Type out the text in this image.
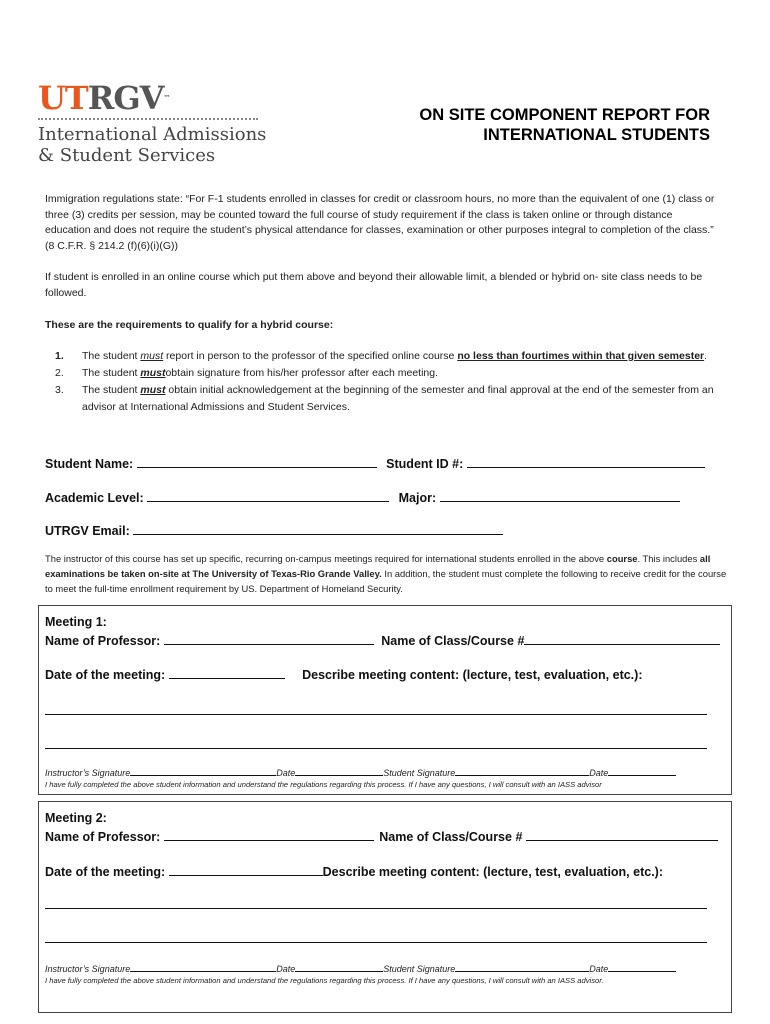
UTRGV™
International Admissions
& Student Services
ON SITE COMPONENT REPORT FOR
INTERNATIONAL STUDENTS
Immigration regulations state: “For F-1 students enrolled in classes for credit or classroom hours, no more than the equivalent of one (1) class or three (3) credits per session, may be counted toward the full course of study requirement if the class is taken online or through distance education and does not require the student’s physical attendance for classes, examination or other purposes integral to completion of the class.” (8 C.F.R. § 214.2 (f)(6)(i)(G))
If student is enrolled in an online course which put them above and beyond their allowable limit, a blended or hybrid on- site class needs to be followed.
These are the requirements to qualify for a hybrid course:
1.	The student must report in person to the professor of the specified online course no less than fourtimes within that given semester.
2.	The student mustobtain signature from his/her professor after each meeting.
3.	The student must obtain initial acknowledgement at the beginning of the semester and final approval at the end of the semester from an advisor at International Admissions and Student Services.
Student Name:	Student ID #:
Academic Level:	Major:
UTRGV Email:
The instructor of this course has set up specific, recurring on-campus meetings required for international students enrolled in the above course. This includes all examinations be taken on-site at The University of Texas-Rio Grande Valley. In addition, the student must complete the following to receive credit for the course to meet the full-time enrollment requirement by US. Department of Homeland Security.
Meeting 1:
Name of Professor:	Name of Class/Course #
Date of the meeting:	Describe meeting content: (lecture, test, evaluation, etc.):
Instructor’s Signature	Date	Student Signature	Date
I have fully completed the above student information and understand the regulations regarding this process. If I have any questions, I will consult with an IASS advisor
Meeting 2:
Name of Professor:	Name of Class/Course #
Date of the meeting:	Describe meeting content: (lecture, test, evaluation, etc.):
Instructor’s Signature	Date	Student Signature	Date
I have fully completed the above student information and understand the regulations regarding this process. If I have any questions, I will consult with an IASS advisor.
